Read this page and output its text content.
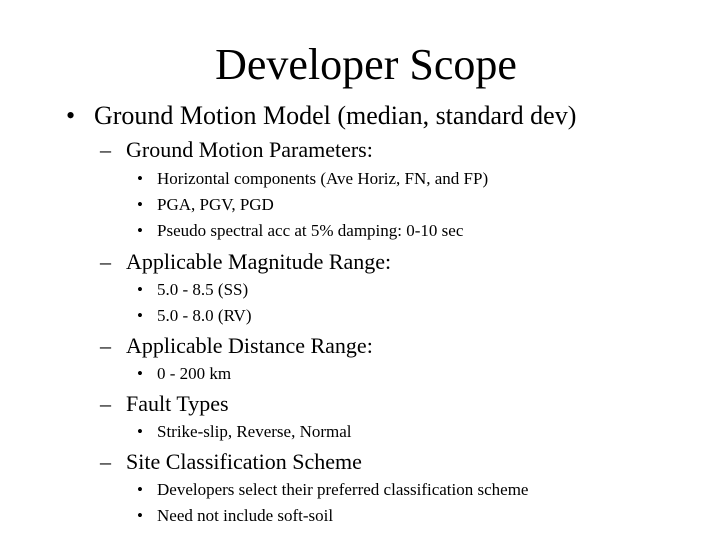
Developer Scope
• Ground Motion Model (median, standard dev)
– Ground Motion Parameters:
• Horizontal components (Ave Horiz, FN, and FP)
• PGA, PGV, PGD
• Pseudo spectral acc at 5% damping: 0-10 sec
– Applicable Magnitude Range:
• 5.0 - 8.5 (SS)
• 5.0 - 8.0 (RV)
– Applicable Distance Range:
• 0 - 200 km
– Fault Types
• Strike-slip, Reverse, Normal
– Site Classification Scheme
• Developers select their preferred classification scheme
• Need not include soft-soil
